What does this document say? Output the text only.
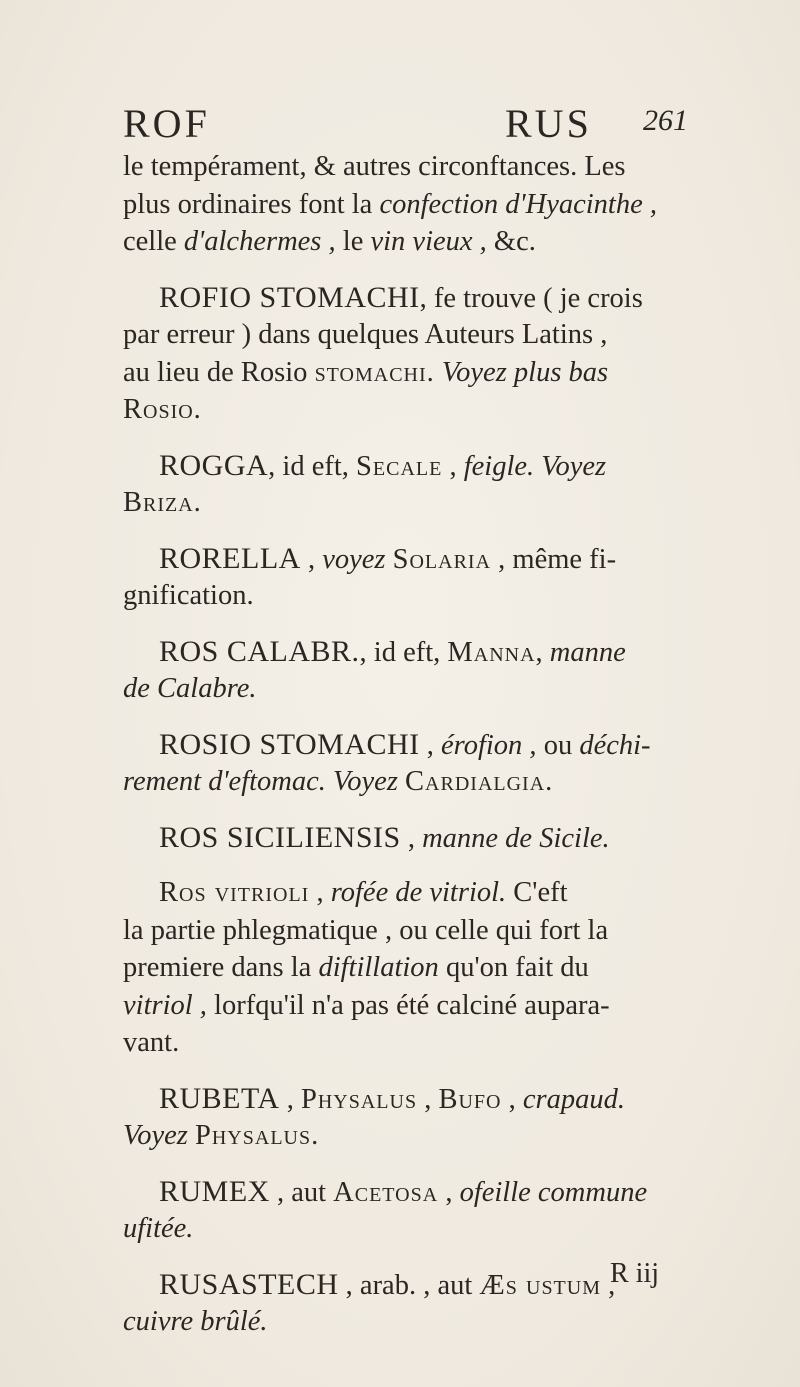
ROF	RUS 261
le tempérament, & autres circonftances. Les
plus ordinaires font la confection d'Hyacinthe ,
celle d'alchermes , le vin vieux , &c.
ROFIO STOMACHI, fe trouve ( je crois
par erreur ) dans quelques Auteurs Latins ,
au lieu de Rosio stomachi. Voyez plus bas
Rosio.
ROGGA, id eft, Secale , feigle. Voyez
Briza.
RORELLA , voyez Solaria , même fi-
gnification.
ROS CALABR., id eft, Manna, manne
de Calabre.
ROSIO STOMACHI , érofion , ou déchi-
rement d'eftomac. Voyez Cardialgia.
ROS SICILIENSIS , manne de Sicile.
Ros vitrioli , rofée de vitriol. C'eft
la partie phlegmatique , ou celle qui fort la
premiere dans la diftillation qu'on fait du
vitriol , lorfqu'il n'a pas été calciné aupara-
vant.
RUBETA , Physalus , Bufo , crapaud.
Voyez Physalus.
RUMEX , aut Acetosa , ofeille commune
ufitée.
RUSASTECH , arab. , aut Æs ustum ,
cuivre brûlé.
R iij
